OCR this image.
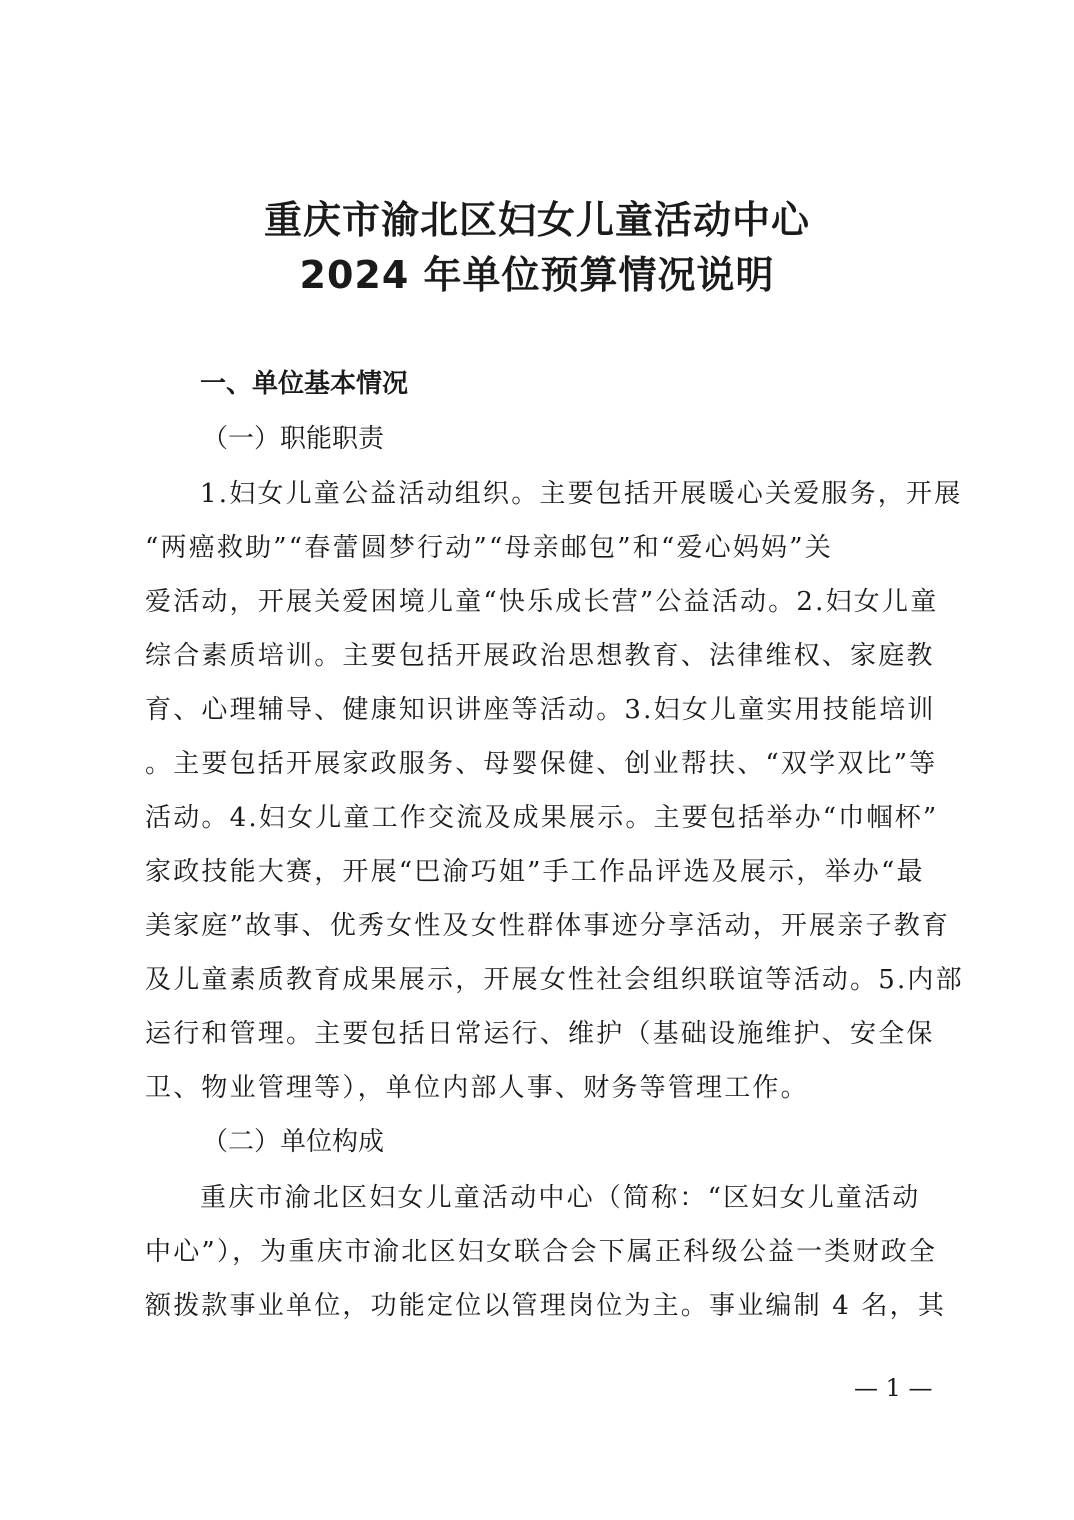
重庆市渝北区妇女儿童活动中心
2024 年单位预算情况说明
一、单位基本情况
（一）职能职责
1.妇女儿童公益活动组织。主要包括开展暖心关爱服务，开展
“两癌救助”“春蕾圆梦行动”“母亲邮包”和“爱心妈妈”关
爱活动，开展关爱困境儿童“快乐成长营”公益活动。2.妇女儿童
综合素质培训。主要包括开展政治思想教育、法律维权、家庭教
育、心理辅导、健康知识讲座等活动。3.妇女儿童实用技能培训
。主要包括开展家政服务、母婴保健、创业帮扶、“双学双比”等
活动。4.妇女儿童工作交流及成果展示。主要包括举办“巾帼杯”
家政技能大赛，开展“巴渝巧姐”手工作品评选及展示，举办“最
美家庭”故事、优秀女性及女性群体事迹分享活动，开展亲子教育
及儿童素质教育成果展示，开展女性社会组织联谊等活动。5.内部
运行和管理。主要包括日常运行、维护（基础设施维护、安全保
卫、物业管理等），单位内部人事、财务等管理工作。
（二）单位构成
重庆市渝北区妇女儿童活动中心（简称：“区妇女儿童活动
中心”），为重庆市渝北区妇女联合会下属正科级公益一类财政全
额拨款事业单位，功能定位以管理岗位为主。事业编制 4 名，其
— 1 —
